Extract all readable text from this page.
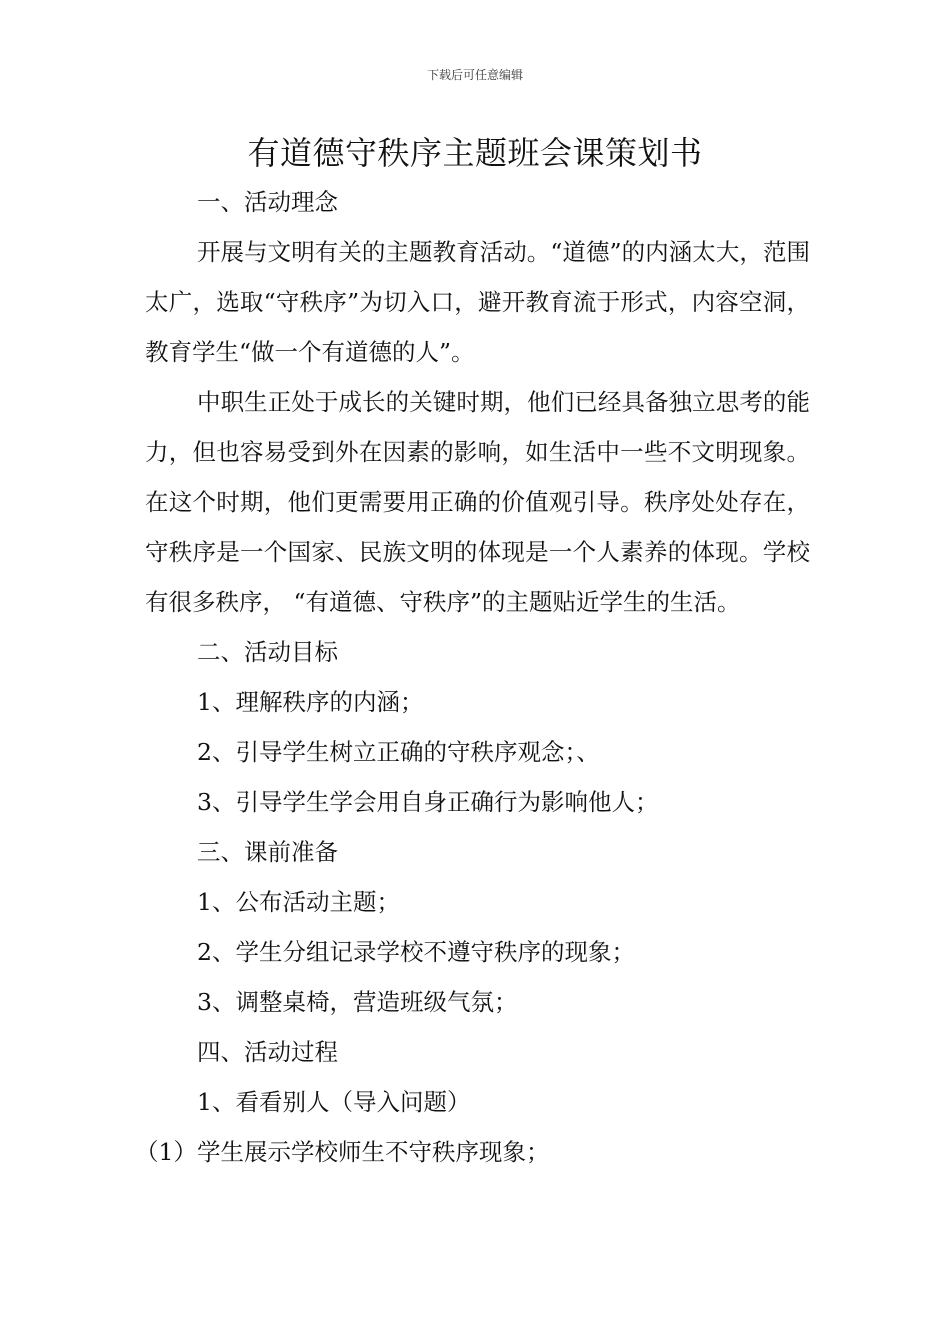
下载后可任意编辑
有道德守秩序主题班会课策划书

一、活动理念

开展与文明有关的主题教育活动。“道德”的内涵太大，范围太广，选取“守秩序”为切入口，避开教育流于形式，内容空洞，教育学生“做一个有道德的人”。

中职生正处于成长的关键时期，他们已经具备独立思考的能力，但也容易受到外在因素的影响，如生活中一些不文明现象。在这个时期，他们更需要用正确的价值观引导。秩序处处存在，守秩序是一个国家、民族文明的体现是一个人素养的体现。学校有很多秩序， “有道德、守秩序”的主题贴近学生的生活。

二、活动目标

1、理解秩序的内涵；

2、引导学生树立正确的守秩序观念；、

3、引导学生学会用自身正确行为影响他人；

三、课前准备

1、公布活动主题；

2、学生分组记录学校不遵守秩序的现象；

3、调整桌椅，营造班级气氛；

四、活动过程

1、看看别人（导入问题）

（1）学生展示学校师生不守秩序现象；
